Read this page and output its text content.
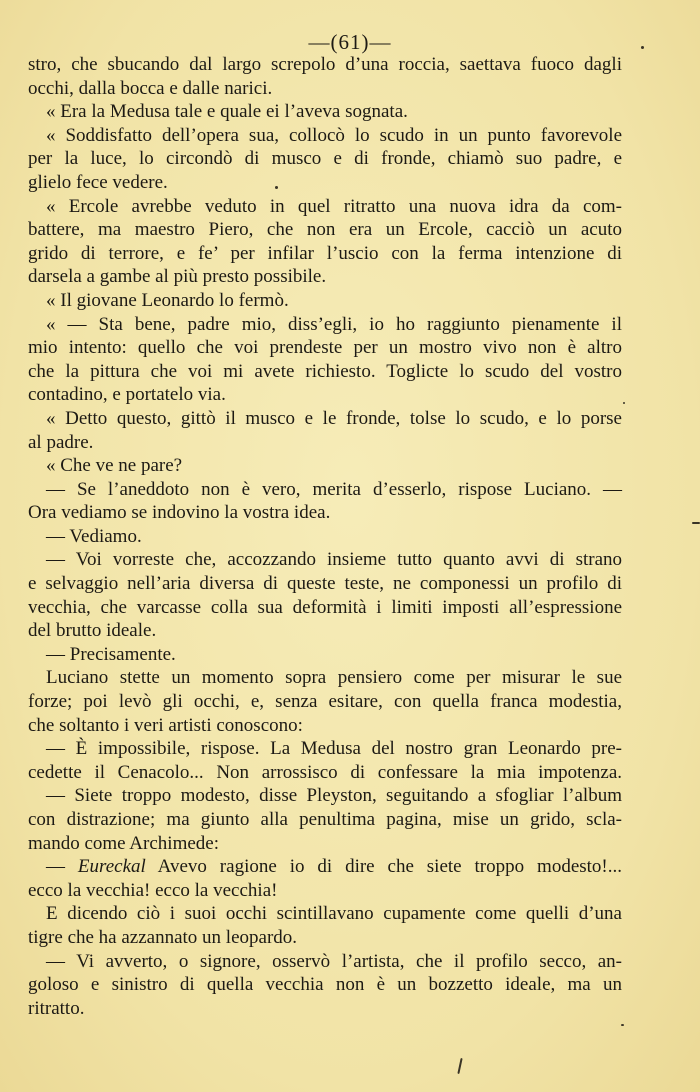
—(61)—
stro, che sbucando dal largo screpolo d’una roccia, saettava fuoco dagli
occhi, dalla bocca e dalle narici.
« Era la Medusa tale e quale ei l’aveva sognata.
« Soddisfatto dell’opera sua, collocò lo scudo in un punto favorevole
per la luce, lo circondò di musco e di fronde, chiamò suo padre, e
glielo fece vedere.
« Ercole avrebbe veduto in quel ritratto una nuova idra da com-
battere, ma maestro Piero, che non era un Ercole, cacciò un acuto
grido di terrore, e fe’ per infilar l’uscio con la ferma intenzione di
darsela a gambe al più presto possibile.
« Il giovane Leonardo lo fermò.
« — Sta bene, padre mio, diss’egli, io ho raggiunto pienamente il
mio intento: quello che voi prendeste per un mostro vivo non è altro
che la pittura che voi mi avete richiesto. Toglicte lo scudo del vostro
contadino, e portatelo via.
« Detto questo, gittò il musco e le fronde, tolse lo scudo, e lo porse
al padre.
« Che ve ne pare?
— Se l’aneddoto non è vero, merita d’esserlo, rispose Luciano. —
Ora vediamo se indovino la vostra idea.
— Vediamo.
— Voi vorreste che, accozzando insieme tutto quanto avvi di strano
e selvaggio nell’aria diversa di queste teste, ne componessi un profilo di
vecchia, che varcasse colla sua deformità i limiti imposti all’espressione
del brutto ideale.
— Precisamente.
Luciano stette un momento sopra pensiero come per misurar le sue
forze; poi levò gli occhi, e, senza esitare, con quella franca modestia,
che soltanto i veri artisti conoscono:
— È impossibile, rispose. La Medusa del nostro gran Leonardo pre-
cedette il Cenacolo... Non arrossisco di confessare la mia impotenza.
— Siete troppo modesto, disse Pleyston, seguitando a sfogliar l’album
con distrazione; ma giunto alla penultima pagina, mise un grido, scla-
mando come Archimede:
— Eureckal Avevo ragione io di dire che siete troppo modesto!...
ecco la vecchia! ecco la vecchia!
E dicendo ciò i suoi occhi scintillavano cupamente come quelli d’una
tigre che ha azzannato un leopardo.
— Vi avverto, o signore, osservò l’artista, che il profilo secco, an-
goloso e sinistro di quella vecchia non è un bozzetto ideale, ma un
ritratto.
